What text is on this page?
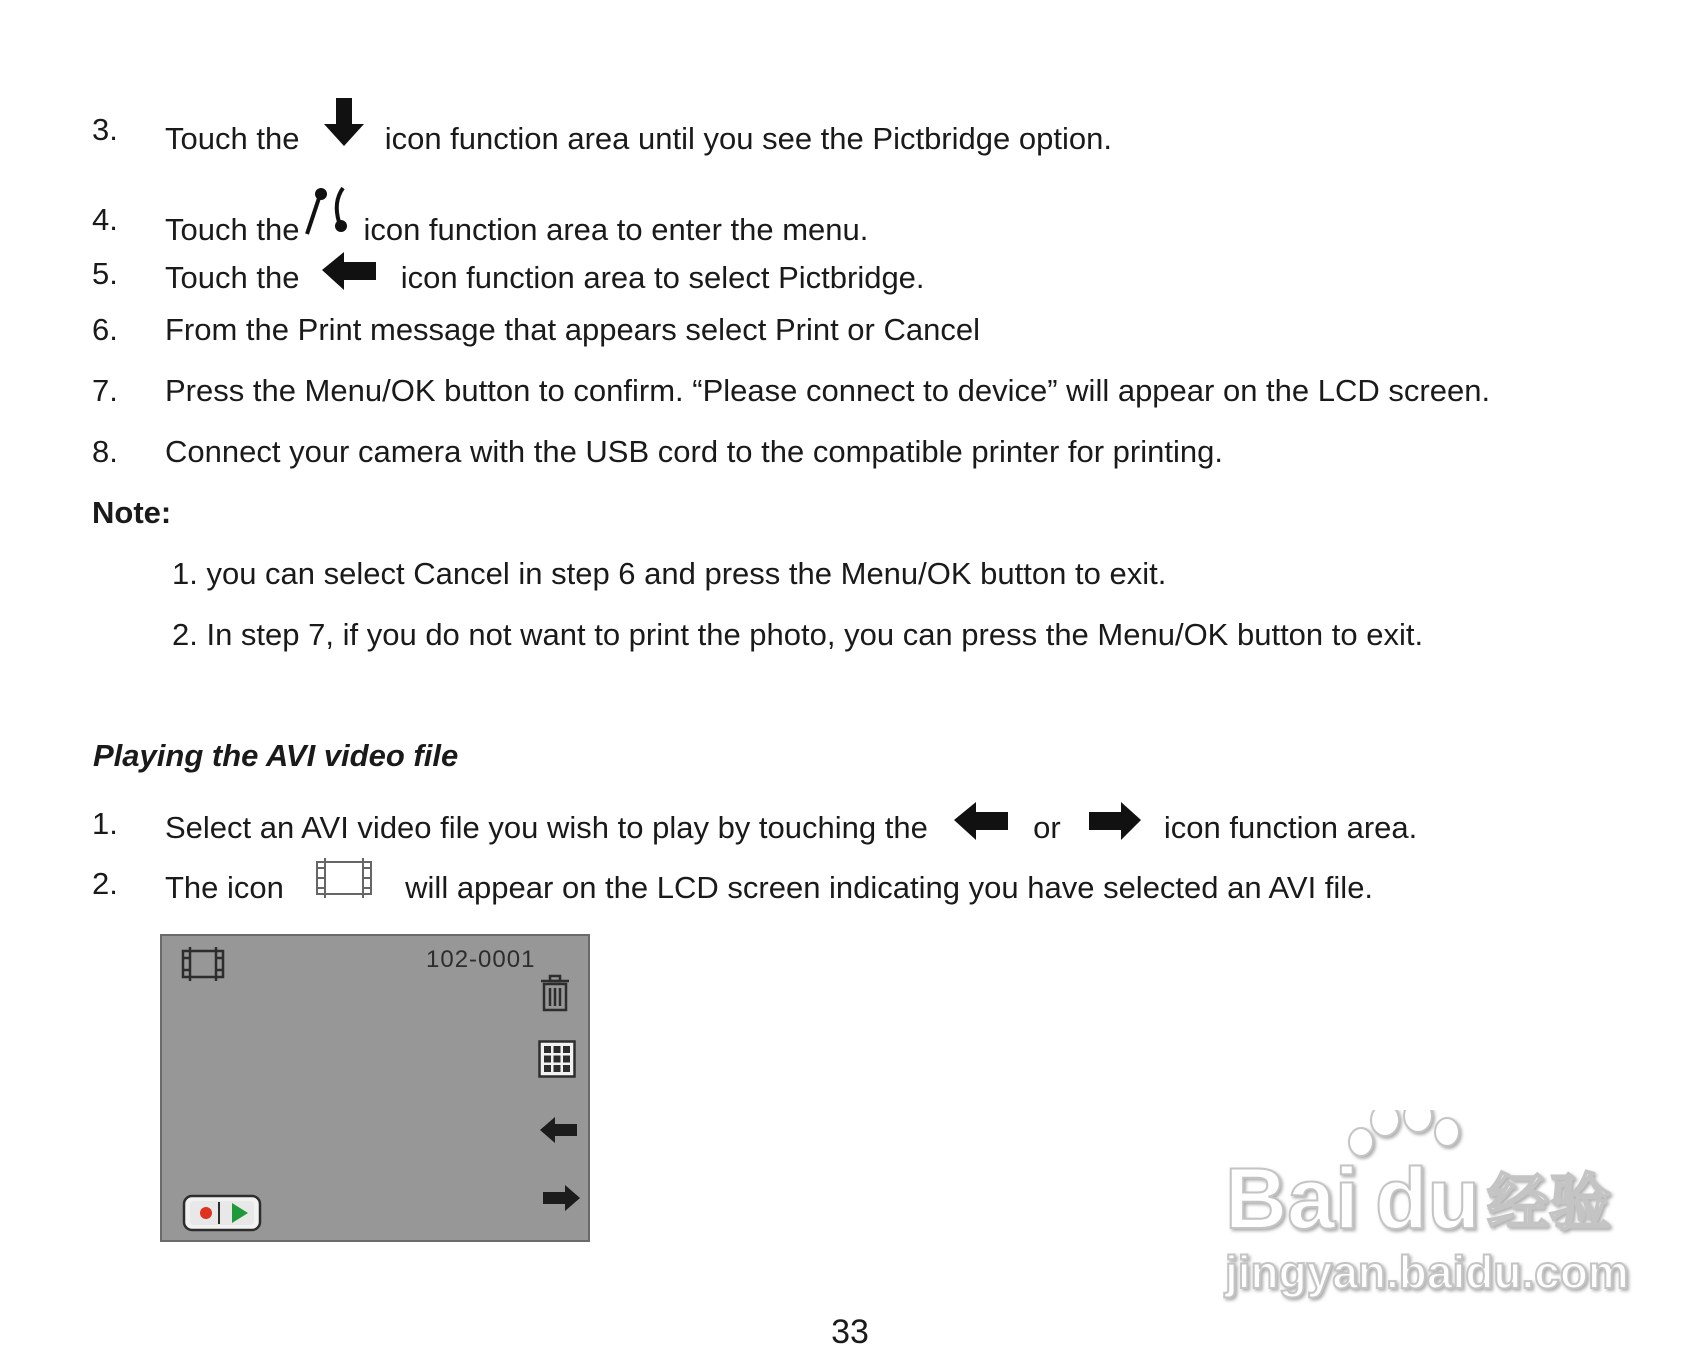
3. Touch the	icon function area until you see the Pictbridge option.
4. Touch the icon function area to enter the menu.
5. Touch the	icon function area to select Pictbridge.
6. From the Print message that appears select Print or Cancel
7. Press the Menu/OK button to confirm. “Please connect to device” will appear on the LCD screen.
8. Connect your camera with the USB cord to the compatible printer for printing.
Note:
1. you can select Cancel in step 6 and press the Menu/OK button to exit.
2. In step 7, if you do not want to print the photo, you can press the Menu/OK button to exit.
Playing the AVI video file
1. Select an AVI video file you wish to play by touching the	or	icon function area.
2. The icon	will appear on the LCD screen indicating you have selected an AVI file.
102-0001
Bai du 经验
jingyan.baidu.com
33
